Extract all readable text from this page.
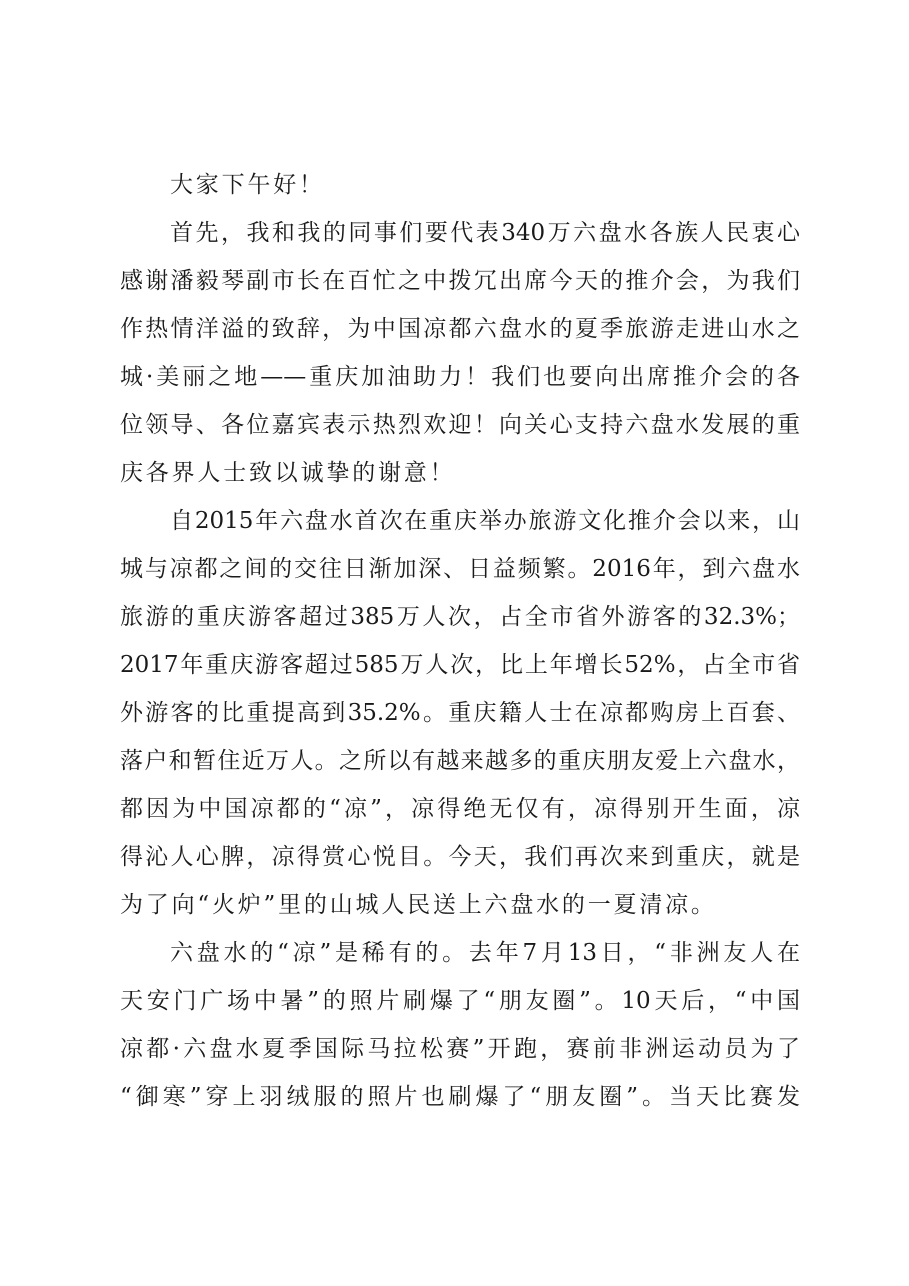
大家下午好！
首先，我和我的同事们要代表340万六盘水各族人民衷心
感谢潘毅琴副市长在百忙之中拨冗出席今天的推介会，为我们
作热情洋溢的致辞，为中国凉都六盘水的夏季旅游走进山水之
城·美丽之地——重庆加油助力！我们也要向出席推介会的各
位领导、各位嘉宾表示热烈欢迎！向关心支持六盘水发展的重
庆各界人士致以诚挚的谢意！
自2015年六盘水首次在重庆举办旅游文化推介会以来，山
城与凉都之间的交往日渐加深、日益频繁。2016年，到六盘水
旅游的重庆游客超过385万人次，占全市省外游客的32.3%；
2017年重庆游客超过585万人次，比上年增长52%，占全市省
外游客的比重提高到35.2%。重庆籍人士在凉都购房上百套、
落户和暂住近万人。之所以有越来越多的重庆朋友爱上六盘水，
都因为中国凉都的“凉”，凉得绝无仅有，凉得别开生面，凉
得沁人心脾，凉得赏心悦目。今天，我们再次来到重庆，就是
为了向“火炉”里的山城人民送上六盘水的一夏清凉。
六盘水的“凉”是稀有的。去年7月13日，“非洲友人在
天安门广场中暑”的照片刷爆了“朋友圈”。10天后，“中国
凉都·六盘水夏季国际马拉松赛”开跑，赛前非洲运动员为了
“御寒”穿上羽绒服的照片也刷爆了“朋友圈”。当天比赛发
